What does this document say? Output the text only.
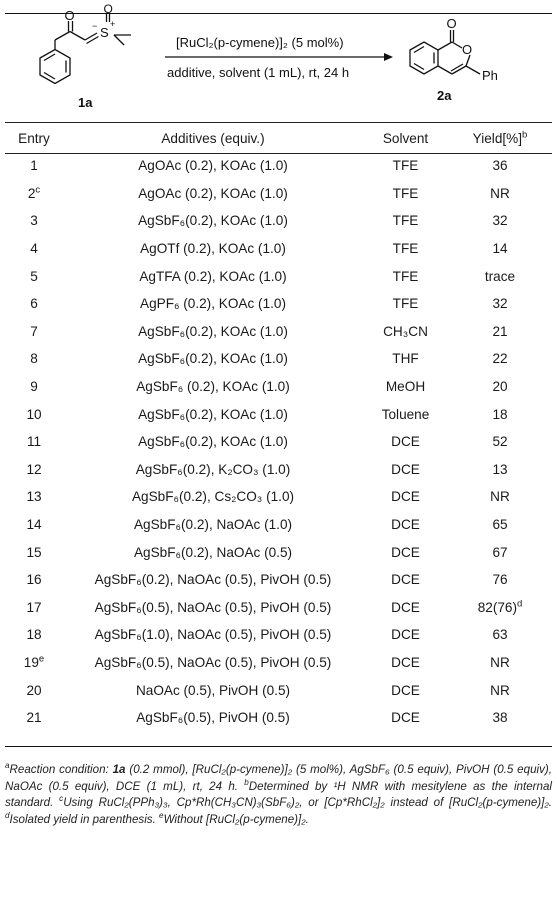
O O
S
+
−
1a
[RuCl₂(p-cymene)]₂ (5 mol%)
additive, solvent (1 mL), rt, 24 h
O
O
Ph
2a
Entry	Additives (equiv.)	Solvent	Yield[%]$^b$
1	AgOAc (0.2), KOAc (1.0)	TFE	36
2$^c$	AgOAc (0.2), KOAc (1.0)	TFE	NR
3	AgSbF₆(0.2), KOAc (1.0)	TFE	32
4	AgOTf (0.2), KOAc (1.0)	TFE	14
5	AgTFA (0.2), KOAc (1.0)	TFE	trace
6	AgPF₆ (0.2), KOAc (1.0)	TFE	32
7	AgSbF₆(0.2), KOAc (1.0)	CH₃CN	21
8	AgSbF₆(0.2), KOAc (1.0)	THF	22
9	AgSbF₆ (0.2), KOAc (1.0)	MeOH	20
10	AgSbF₆(0.2), KOAc (1.0)	Toluene	18
11	AgSbF₆(0.2), KOAc (1.0)	DCE	52
12	AgSbF₆(0.2), K₂CO₃ (1.0)	DCE	13
13	AgSbF₆(0.2), Cs₂CO₃ (1.0)	DCE	NR
14	AgSbF₆(0.2), NaOAc (1.0)	DCE	65
15	AgSbF₆(0.2), NaOAc (0.5)	DCE	67
16	AgSbF₆(0.2), NaOAc (0.5), PivOH (0.5)	DCE	76
17	AgSbF₆(0.5), NaOAc (0.5), PivOH (0.5)	DCE	$82(76)^d$
18	AgSbF₆(1.0), NaOAc (0.5), PivOH (0.5)	DCE	63
19e	AgSbF₆(0.5), NaOAc (0.5), PivOH (0.5)	DCE	NR
20	NaOAc (0.5), PivOH (0.5)	DCE	NR
21	AgSbF₆(0.5), PivOH (0.5)	DCE	38
$^a$Reaction condition: 1a (0.2 mmol), [RuCl₂(p-cymene)]₂ (5 mol%), AgSbF₆ (0.5 equiv), PivOH (0.5 equiv), NaOAc (0.5 equiv), DCE (1 mL), rt, 24 h. $^b$Determined by ¹H NMR with mesitylene as the internal standard. $^c$Using RuCl₂(PPh₃)₃, Cp*Rh(CH₃CN)₃(SbF₆)₂, or [Cp*RhCl₂]₂ instead of [RuCl₂(p-cymene)]₂. $^d$Isolated yield in parenthesis. $^e$Without [RuCl₂(p-cymene)]₂.
